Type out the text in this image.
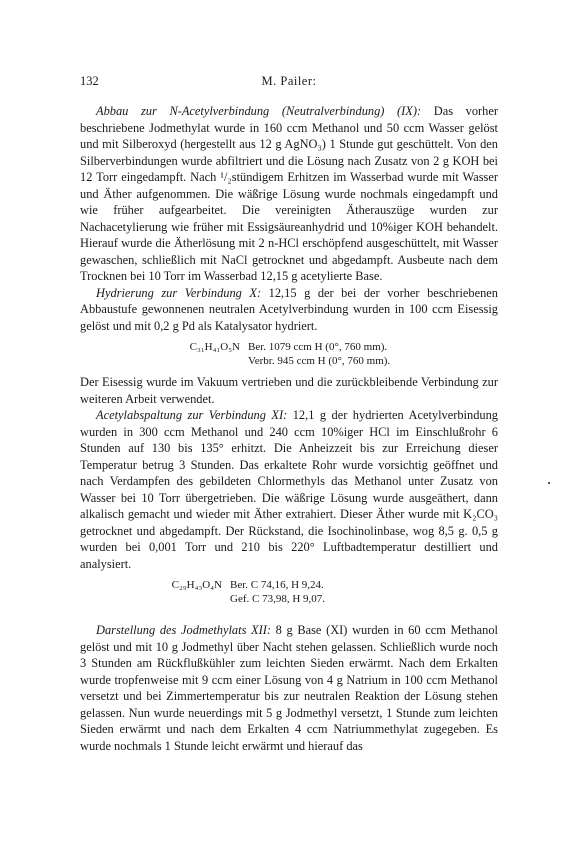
132	M. Pailer:

Abbau zur N-Acetylverbindung (Neutralverbindung) (IX): Das vorher beschriebene Jodmethylat wurde in 160 ccm Methanol und 50 ccm Wasser gelöst und mit Silberoxyd (hergestellt aus 12 g AgNO₃) 1 Stunde gut geschüttelt. Von den Silberverbindungen wurde abfiltriert und die Lösung nach Zusatz von 2 g KOH bei 12 Torr eingedampft. Nach ¹/₂stündigem Erhitzen im Wasserbad wurde mit Wasser und Äther aufgenommen. Die wäßrige Lösung wurde nochmals eingedampft und wie früher aufgearbeitet. Die vereinigten Ätherauszüge wurden zur Nachacetylierung wie früher mit Essigsäureanhydrid und 10%iger KOH behandelt. Hierauf wurde die Ätherlösung mit 2 n-HCl erschöpfend ausgeschüttelt, mit Wasser gewaschen, schließlich mit NaCl getrocknet und abgedampft. Ausbeute nach dem Trocknen bei 10 Torr im Wasserbad 12,15 g acetylierte Base.

Hydrierung zur Verbindung X: 12,15 g der bei der vorher beschriebenen Abbaustufe gewonnenen neutralen Acetylverbindung wurden in 100 ccm Eisessig gelöst und mit 0,2 g Pd als Katalysator hydriert.

C₃₁H₄₁O₅N Ber. 1079 ccm H (0°, 760 mm).
Verbr. 945 ccm H (0°, 760 mm).

Der Eisessig wurde im Vakuum vertrieben und die zurückbleibende Verbindung zur weiteren Arbeit verwendet.

Acetylabspaltung zur Verbindung XI: 12,1 g der hydrierten Acetylverbindung wurden in 300 ccm Methanol und 240 ccm 10%iger HCl im Einschlußrohr 6 Stunden auf 130 bis 135° erhitzt. Die Anheizzeit bis zur Erreichung dieser Temperatur betrug 3 Stunden. Das erkaltete Rohr wurde vorsichtig geöffnet und nach Verdampfen des gebildeten Chlormethyls das Methanol unter Zusatz von Wasser bei 10 Torr übergetrieben. Die wäßrige Lösung wurde ausgeäthert, dann alkalisch gemacht und wieder mit Äther extrahiert. Dieser Äther wurde mit K₂CO₃ getrocknet und abgedampft. Der Rückstand, die Isochinolinbase, wog 8,5 g. 0,5 g wurden bei 0,001 Torr und 210 bis 220° Luftbadtemperatur destilliert und analysiert.

C₂₉H₄₃O₄N Ber. C 74,16, H 9,24.
Gef. C 73,98, H 9,07.

Darstellung des Jodmethylats XII: 8 g Base (XI) wurden in 60 ccm Methanol gelöst und mit 10 g Jodmethyl über Nacht stehen gelassen. Schließlich wurde noch 3 Stunden am Rückflußkühler zum leichten Sieden erwärmt. Nach dem Erkalten wurde tropfenweise mit 9 ccm einer Lösung von 4 g Natrium in 100 ccm Methanol versetzt und bei Zimmertemperatur bis zur neutralen Reaktion der Lösung stehen gelassen. Nun wurde neuerdings mit 5 g Jodmethyl versetzt, 1 Stunde zum leichten Sieden erwärmt und nach dem Erkalten 4 ccm Natriummethylat zugegeben. Es wurde nochmals 1 Stunde leicht erwärmt und hierauf das
